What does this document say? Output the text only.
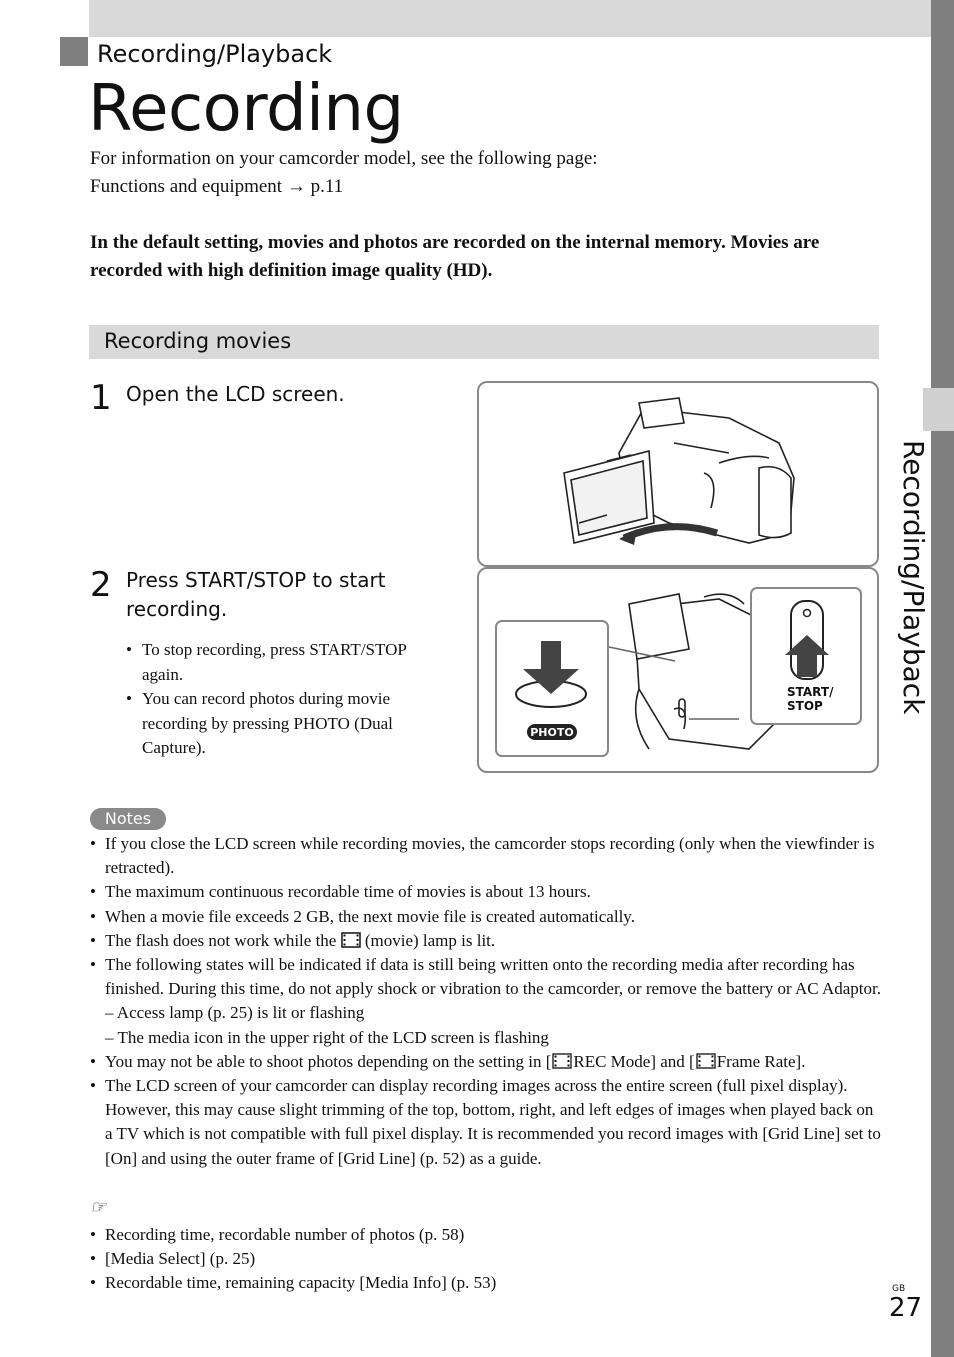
Recording/Playback
Recording/Playback
Recording
For information on your camcorder model, see the following page:
Functions and equipment → p.11
In the default setting, movies and photos are recorded on the internal memory. Movies are recorded with high definition image quality (HD).
Recording movies
1 Open the LCD screen.
2 Press START/STOP to start recording.
• To stop recording, press START/STOP again.
• You can record photos during movie recording by pressing PHOTO (Dual Capture).
PHOTO
START/
STOP
Notes
• If you close the LCD screen while recording movies, the camcorder stops recording (only when the viewfinder is retracted).
• The maximum continuous recordable time of movies is about 13 hours.
• When a movie file exceeds 2 GB, the next movie file is created automatically.
• The flash does not work while the  (movie) lamp is lit.
• The following states will be indicated if data is still being written onto the recording media after recording has finished. During this time, do not apply shock or vibration to the camcorder, or remove the battery or AC Adaptor.
– Access lamp (p. 25) is lit or flashing
– The media icon in the upper right of the LCD screen is flashing
• You may not be able to shoot photos depending on the setting in [ REC Mode] and [ Frame Rate].
• The LCD screen of your camcorder can display recording images across the entire screen (full pixel display). However, this may cause slight trimming of the top, bottom, right, and left edges of images when played back on a TV which is not compatible with full pixel display. It is recommended you record images with [Grid Line] set to [On] and using the outer frame of [Grid Line] (p. 52) as a guide.
☞
• Recording time, recordable number of photos (p. 58)
• [Media Select] (p. 25)
• Recordable time, remaining capacity [Media Info] (p. 53)	GB
27
